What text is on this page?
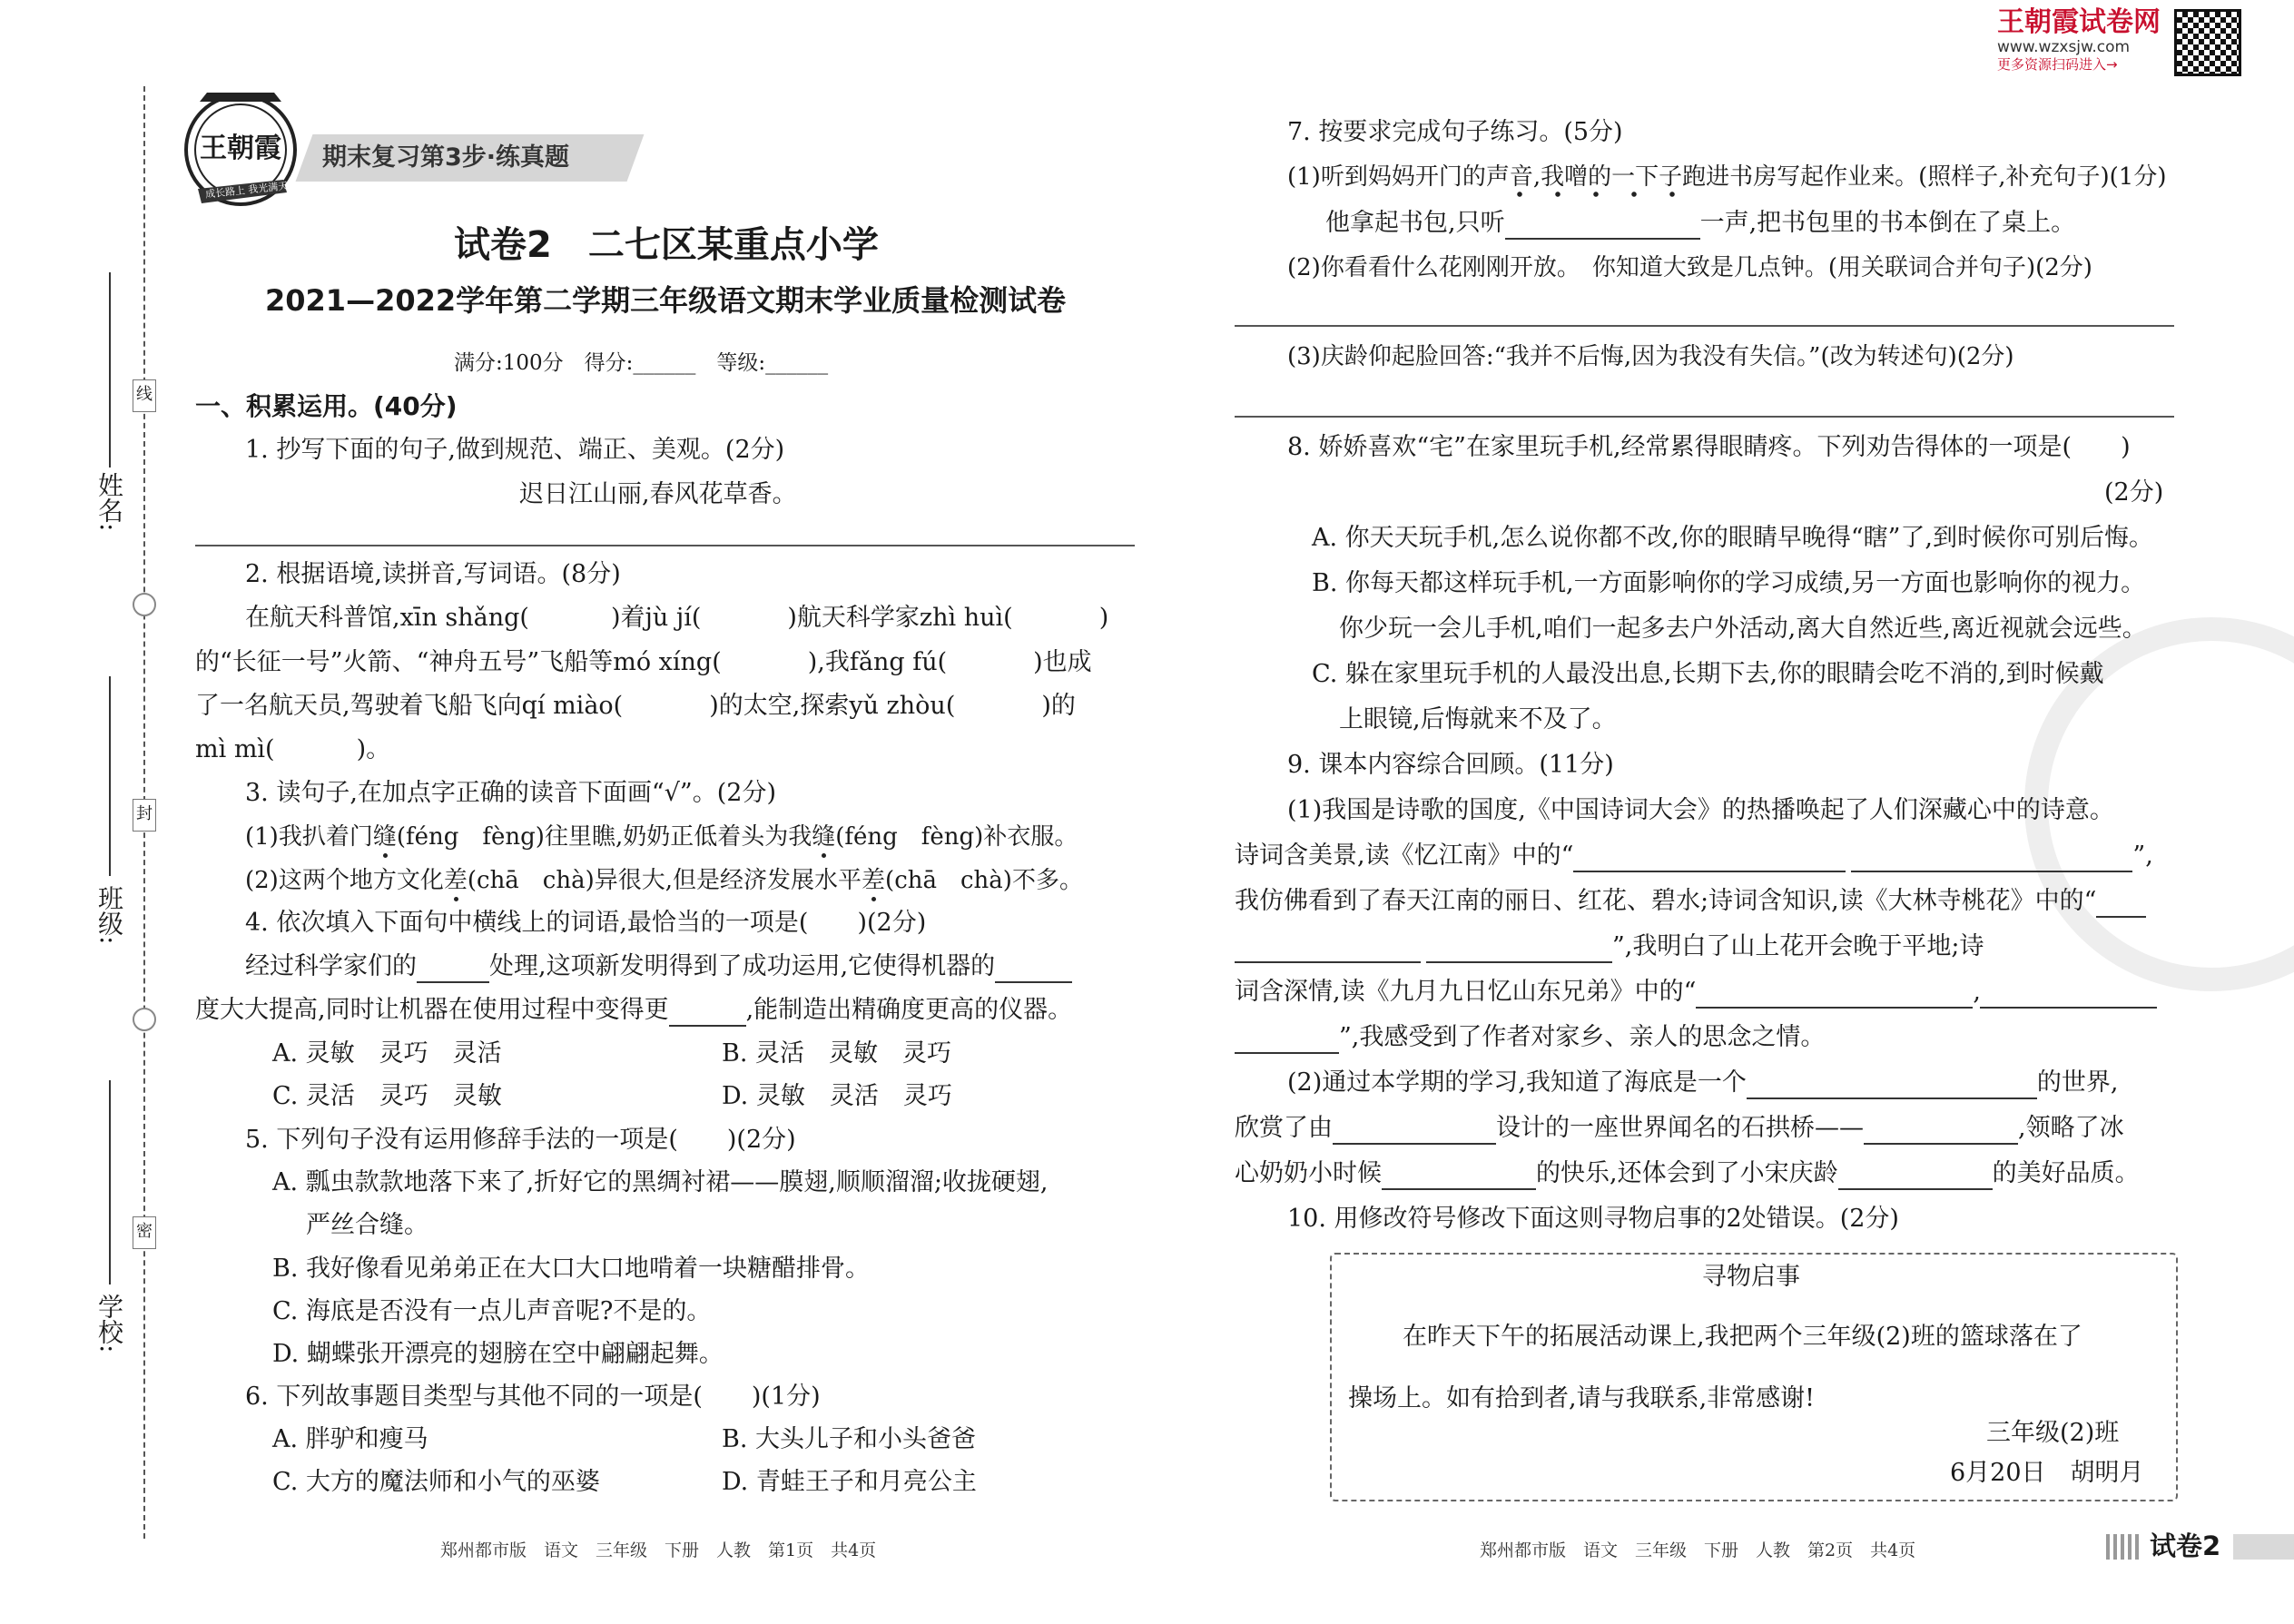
姓名:
班级:
学校:
线
封
密
王朝霞
成长路上 我光满天
期末复习第3步·练真题
王朝霞试卷网
www.wzxsjw.com
更多资源扫码进入→
试卷2　二七区某重点小学
2021—2022学年第二学期三年级语文期末学业质量检测试卷
满分:100分　得分:______　等级:______
一、积累运用。(40分)
1. 抄写下面的句子,做到规范、端正、美观。(2分)
迟日江山丽,春风花草香。
2. 根据语境,读拼音,写词语。(8分)
在航天科普馆,xīn shǎng(	)着jù jí(	)航天科学家zhì huì(	)
的“长征一号”火箭、“神舟五号”飞船等mó xíng(	),我fǎng fú(	)也成
了一名航天员,驾驶着飞船飞向qí miào(	)的太空,探索yǔ zhòu(	)的
mì mì(	)。
3. 读句子,在加点字正确的读音下面画“√”。(2分)
(1)我扒着门缝(féng　fèng)往里瞧,奶奶正低着头为我缝(féng　fèng)补衣服。
(2)这两个地方文化差(chā　chà)异很大,但是经济发展水平差(chā　chà)不多。
4. 依次填入下面句中横线上的词语,最恰当的一项是(　　)(2分)
经过科学家们的	处理,这项新发明得到了成功运用,它使得机器的
度大大提高,同时让机器在使用过程中变得更	,能制造出精确度更高的仪器。
A. 灵敏　灵巧　灵活	B. 灵活　灵敏　灵巧
C. 灵活　灵巧　灵敏	D. 灵敏　灵活　灵巧
5. 下列句子没有运用修辞手法的一项是(　　)(2分)
A. 瓢虫款款地落下来了,折好它的黑绸衬裙——膜翅,顺顺溜溜;收拢硬翅,
严丝合缝。
B. 我好像看见弟弟正在大口大口地啃着一块糖醋排骨。
C. 海底是否没有一点儿声音呢?不是的。
D. 蝴蝶张开漂亮的翅膀在空中翩翩起舞。
6. 下列故事题目类型与其他不同的一项是(　　)(1分)
A. 胖驴和瘦马	B. 大头儿子和小头爸爸
C. 大方的魔法师和小气的巫婆	D. 青蛙王子和月亮公主
郑州都市版　语文　三年级　下册　人教　第1页　共4页
7. 按要求完成句子练习。(5分)
(1)听到妈妈开门的声音,我噌的一下子跑进书房写起作业来。(照样子,补充句子)(1分)
他拿起书包,只听	一声,把书包里的书本倒在了桌上。
(2)你看看什么花刚刚开放。　你知道大致是几点钟。(用关联词合并句子)(2分)
(3)庆龄仰起脸回答:“我并不后悔,因为我没有失信。”(改为转述句)(2分)
8. 娇娇喜欢“宅”在家里玩手机,经常累得眼睛疼。下列劝告得体的一项是(　　)
(2分)
A. 你天天玩手机,怎么说你都不改,你的眼睛早晚得“瞎”了,到时候你可别后悔。
B. 你每天都这样玩手机,一方面影响你的学习成绩,另一方面也影响你的视力。
你少玩一会儿手机,咱们一起多去户外活动,离大自然近些,离近视就会远些。
C. 躲在家里玩手机的人最没出息,长期下去,你的眼睛会吃不消的,到时候戴
上眼镜,后悔就来不及了。
9. 课本内容综合回顾。(11分)
(1)我国是诗歌的国度,《中国诗词大会》的热播唤起了人们深藏心中的诗意。
诗词含美景,读《忆江南》中的“	”,
我仿佛看到了春天江南的丽日、红花、碧水;诗词含知识,读《大林寺桃花》中的“
”,我明白了山上花开会晚于平地;诗
词含深情,读《九月九日忆山东兄弟》中的“	,
”,我感受到了作者对家乡、亲人的思念之情。
(2)通过本学期的学习,我知道了海底是一个	的世界,
欣赏了由	设计的一座世界闻名的石拱桥——	,领略了冰
心奶奶小时候	的快乐,还体会到了小宋庆龄	的美好品质。
10. 用修改符号修改下面这则寻物启事的2处错误。(2分)
寻物启事
在昨天下午的拓展活动课上,我把两个三年级(2)班的篮球落在了
操场上。如有拾到者,请与我联系,非常感谢!
三年级(2)班
6月20日　胡明月
郑州都市版　语文　三年级　下册　人教　第2页　共4页	试卷2
